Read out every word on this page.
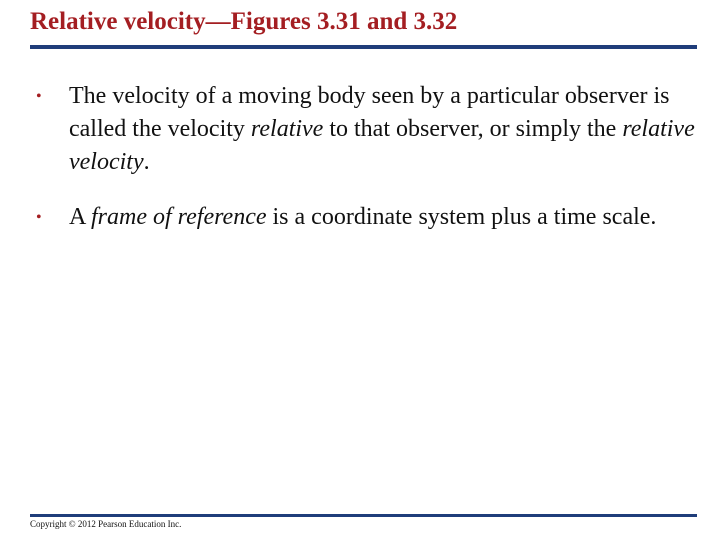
Relative velocity—Figures 3.31 and 3.32
• The velocity of a moving body seen by a particular observer is called the velocity relative to that observer, or simply the relative velocity.
• A frame of reference is a coordinate system plus a time scale.
Copyright © 2012 Pearson Education Inc.
